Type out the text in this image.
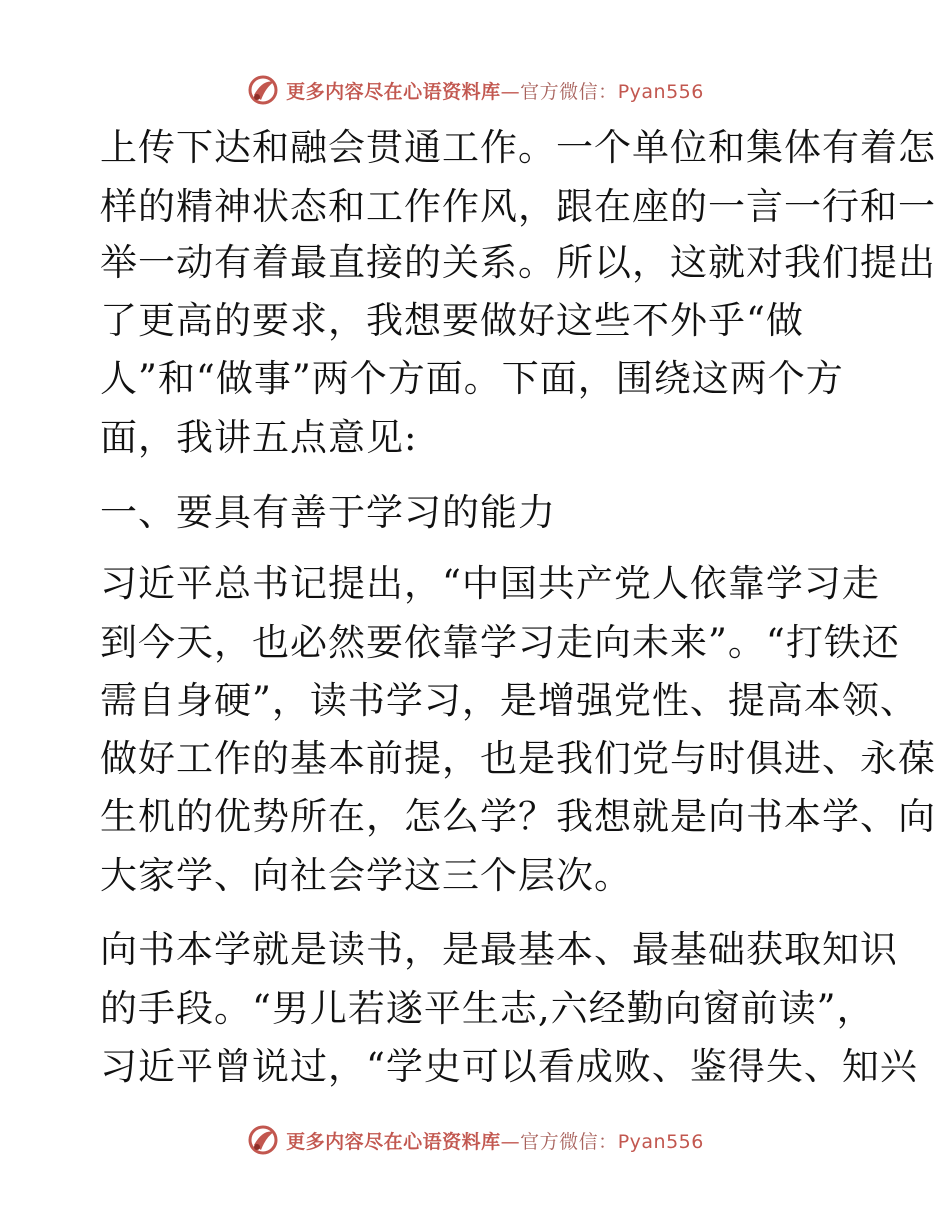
更多内容尽在心语资料库—官方微信：Pyan556
上传下达和融会贯通工作。一个单位和集体有着怎
样的精神状态和工作作风，跟在座的一言一行和一
举一动有着最直接的关系。所以，这就对我们提出
了更高的要求，我想要做好这些不外乎“做
人”和“做事”两个方面。下面，围绕这两个方
面，我讲五点意见:
一、要具有善于学习的能力
习近平总书记提出，“中国共产党人依靠学习走
到今天，也必然要依靠学习走向未来”。“打铁还
需自身硬”，读书学习，是增强党性、提高本领、
做好工作的基本前提，也是我们党与时俱进、永葆
生机的优势所在，怎么学？我想就是向书本学、向
大家学、向社会学这三个层次。
向书本学就是读书，是最基本、最基础获取知识
的手段。“男儿若遂平生志,六经勤向窗前读”，
习近平曾说过，“学史可以看成败、鉴得失、知兴
更多内容尽在心语资料库—官方微信：Pyan556
